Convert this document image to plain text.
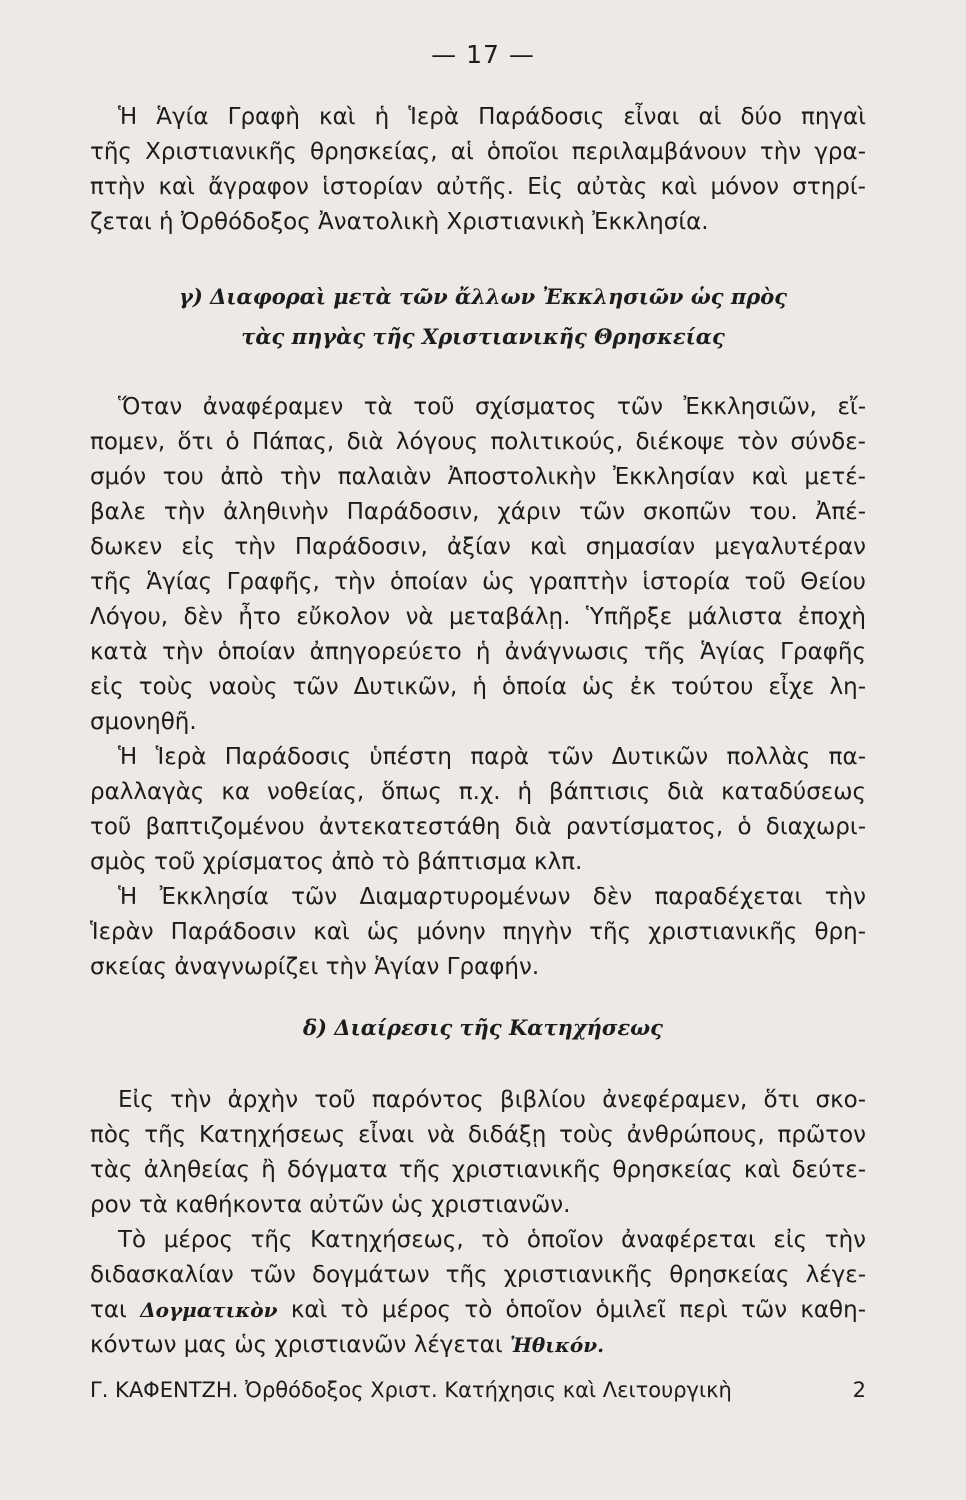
— 17 —
Ἡ Ἁγία Γραφὴ καὶ ἡ Ἱερὰ Παράδοσις εἶναι αἱ δύο πηγαὶ
τῆς Χριστιανικῆς θρησκείας, αἱ ὁποῖοι περιλαμβάνουν τὴν γρα-
πτὴν καὶ ἄγραφον ἱστορίαν αὐτῆς. Εἰς αὐτὰς καὶ μόνον στηρί-
ζεται ἡ Ὀρθόδοξος Ἀνατολικὴ Χριστιανικὴ Ἐκκλησία.
γ) Διαφοραὶ μετὰ τῶν ἄλλων Ἐκκλησιῶν ὡς πρὸς
τὰς πηγὰς τῆς Χριστιανικῆς Θρησκείας
Ὅταν ἀναφέραμεν τὰ τοῦ σχίσματος τῶν Ἐκκλησιῶν, εἴ-
πομεν, ὅτι ὁ Πάπας, διὰ λόγους πολιτικούς, διέκοψε τὸν σύνδε-
σμόν του ἀπὸ τὴν παλαιὰν Ἀποστολικὴν Ἐκκλησίαν καὶ μετέ-
βαλε τὴν ἀληθινὴν Παράδοσιν, χάριν τῶν σκοπῶν του. Ἀπέ-
δωκεν εἰς τὴν Παράδοσιν, ἀξίαν καὶ σημασίαν μεγαλυτέραν
τῆς Ἁγίας Γραφῆς, τὴν ὁποίαν ὡς γραπτὴν ἱστορία τοῦ Θείου
Λόγου, δὲν ἦτο εὔκολον νὰ μεταβάλῃ. Ὑπῆρξε μάλιστα ἐποχὴ
κατὰ τὴν ὁποίαν ἀπηγορεύετο ἡ ἀνάγνωσις τῆς Ἁγίας Γραφῆς
εἰς τοὺς ναοὺς τῶν Δυτικῶν, ἡ ὁποία ὡς ἐκ τούτου εἶχε λη-
σμονηθῆ.
Ἡ Ἱερὰ Παράδοσις ὑπέστη παρὰ τῶν Δυτικῶν πολλὰς πα-
ραλλαγὰς κα νοθείας, ὅπως π.χ. ἡ βάπτισις διὰ καταδύσεως
τοῦ βαπτιζομένου ἀντεκατεστάθη διὰ ραντίσματος, ὁ διαχωρι-
σμὸς τοῦ χρίσματος ἀπὸ τὸ βάπτισμα κλπ.
Ἡ Ἐκκλησία τῶν Διαμαρτυρομένων δὲν παραδέχεται τὴν
Ἱερὰν Παράδοσιν καὶ ὡς μόνην πηγὴν τῆς χριστιανικῆς θρη-
σκείας ἀναγνωρίζει τὴν Ἁγίαν Γραφήν.
δ) Διαίρεσις τῆς Κατηχήσεως
Εἰς τὴν ἀρχὴν τοῦ παρόντος βιβλίου ἀνεφέραμεν, ὅτι σκο-
πὸς τῆς Κατηχήσεως εἶναι νὰ διδάξῃ τοὺς ἀνθρώπους, πρῶτον
τὰς ἀληθείας ἢ δόγματα τῆς χριστιανικῆς θρησκείας καὶ δεύτε-
ρον τὰ καθήκοντα αὐτῶν ὡς χριστιανῶν.
Τὸ μέρος τῆς Κατηχήσεως, τὸ ὁποῖον ἀναφέρεται εἰς τὴν
διδασκαλίαν τῶν δογμάτων τῆς χριστιανικῆς θρησκείας λέγε-
ται Δογματικὸν καὶ τὸ μέρος τὸ ὁποῖον ὁμιλεῖ περὶ τῶν καθη-
κόντων μας ὡς χριστιανῶν λέγεται Ἠθικόν.
Γ. ΚΑΦΕΝΤΖΗ. Ὀρθόδοξος Χριστ. Κατήχησις καὶ Λειτουργικὴ	2
